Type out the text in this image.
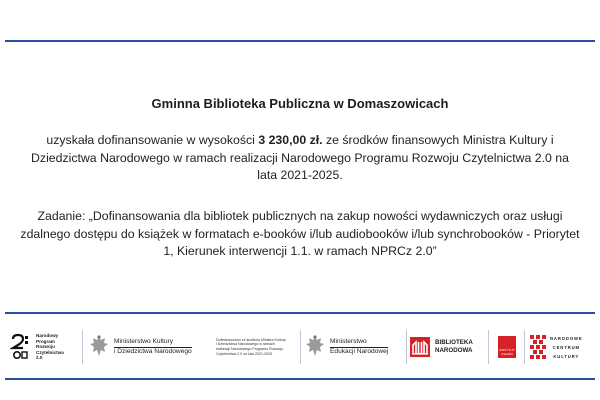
Gminna Biblioteka Publiczna w Domaszowicach
uzyskała dofinansowanie w wysokości 3 230,00 zł. ze środków finansowych Ministra Kultury i Dziedzictwa Narodowego w ramach realizacji Narodowego Programu Rozwoju Czytelnictwa 2.0 na lata 2021-2025.
Zadanie: „Dofinansowania dla bibliotek publicznych na zakup nowości wydawniczych oraz usługi zdalnego dostępu do książek w formatach e-booków i/lub audiobooków i/lub synchrobooków - Priorytet 1, Kierunek interwencji 1.1. w ramach NPRCz 2.0”
Narodowy
Program
Rozwoju
Czytelnictwa
2.0
Ministerstwo Kultury
i Dziedzictwa Narodowego
Dofinansowano ze środków Ministra Kultury
i Dziedzictwa Narodowego w ramach
realizacji Narodowego Programu Rozwoju
Czytelnictwa 2.0 na lata 2021-2025
Ministerstwo
Edukacji Narodowej
BIBLIOTEKA
NARODOWA	INSTYTUT
KSIĄŻKI
NARODOWE
CENTRUM
KULTURY
